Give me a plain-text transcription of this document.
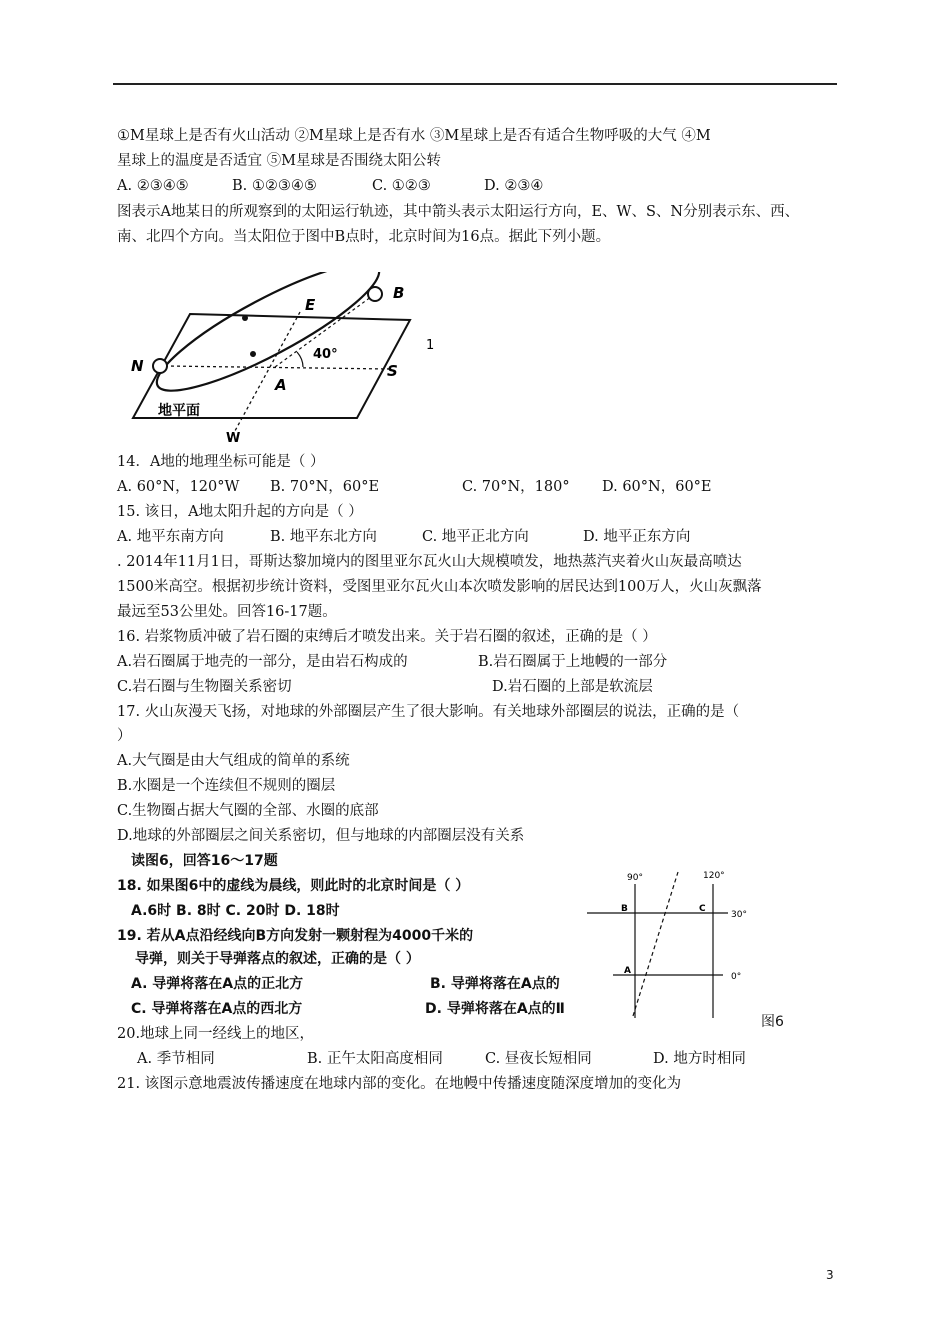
①M星球上是否有火山活动 ②M星球上是否有水 ③M星球上是否有适合生物呼吸的大气 ④M
星球上的温度是否适宜 ⑤M星球是否围绕太阳公转
A. ②③④⑤	B. ①②③④⑤	C. ①②③	D. ②③④
图表示A地某日的所观察到的太阳运行轨迹，其中箭头表示太阳运行方向，E、W、S、N分别表示东、西、
南、北四个方向。当太阳位于图中B点时，北京时间为16点。据此下列小题。
B
E
N	S
A
40°
地平面
W
1
14．A地的地理坐标可能是（ ）
A. 60°N，120°W B. 70°N，60°E	C. 70°N，180° D. 60°N，60°E
15. 该日，A地太阳升起的方向是（ ）
A. 地平东南方向	B. 地平东北方向	C. 地平正北方向	D. 地平正东方向
. 2014年11月1日，哥斯达黎加境内的图里亚尔瓦火山大规模喷发，地热蒸汽夹着火山灰最高喷达
1500米高空。根据初步统计资料，受图里亚尔瓦火山本次喷发影响的居民达到100万人，火山灰飘落
最远至53公里处。回答16-17题。
16. 岩浆物质冲破了岩石圈的束缚后才喷发出来。关于岩石圈的叙述，正确的是（ ）
A.岩石圈属于地壳的一部分，是由岩石构成的	B.岩石圈属于上地幔的一部分
C.岩石圈与生物圈关系密切	D.岩石圈的上部是软流层
17. 火山灰漫天飞扬，对地球的外部圈层产生了很大影响。有关地球外部圈层的说法，正确的是（
）
A.大气圈是由大气组成的简单的系统
B.水圈是一个连续但不规则的圈层
C.生物圈占据大气圈的全部、水圈的底部
D.地球的外部圈层之间关系密切，但与地球的内部圈层没有关系
读图6，回答16～17题
18. 如果图6中的虚线为晨线，则此时的北京时间是（ ）
A.6时 B. 8时 C. 20时 D. 18时
19. 若从A点沿经线向B方向发射一颗射程为4000千米的
导弹，则关于导弹落点的叙述，正确的是（ ）
A. 导弹将落在A点的正北方	B. 导弹将落在A点的
C. 导弹将落在A点的西北方	D. 导弹将落在A点的Ⅱ
90°	120°
30°
0°
B	C
A
图6
20.地球上同一经线上的地区，
A. 季节相同	B. 正午太阳高度相同	C. 昼夜长短相同	D. 地方时相同
21. 该图示意地震波传播速度在地球内部的变化。在地幔中传播速度随深度增加的变化为
3
